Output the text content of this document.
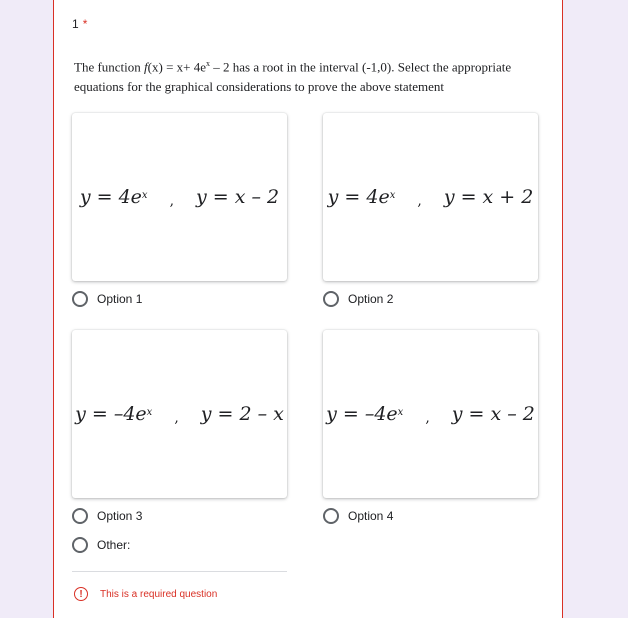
1 *
The function $f(x) = x+ 4e^x - 2$ has a root in the interval (-1,0). Select the appropriate equations for the graphical considerations to prove the above statement
$y = 4e^x$ , y = x – 2
Option 1
$y = 4e^x$ , y = x + 2
Option 2
$y = -4e^x$ , y = 2 – x
Option 3
$y = -4e^x$ , y = x – 2
Option 4
Other:
!	This is a required question
